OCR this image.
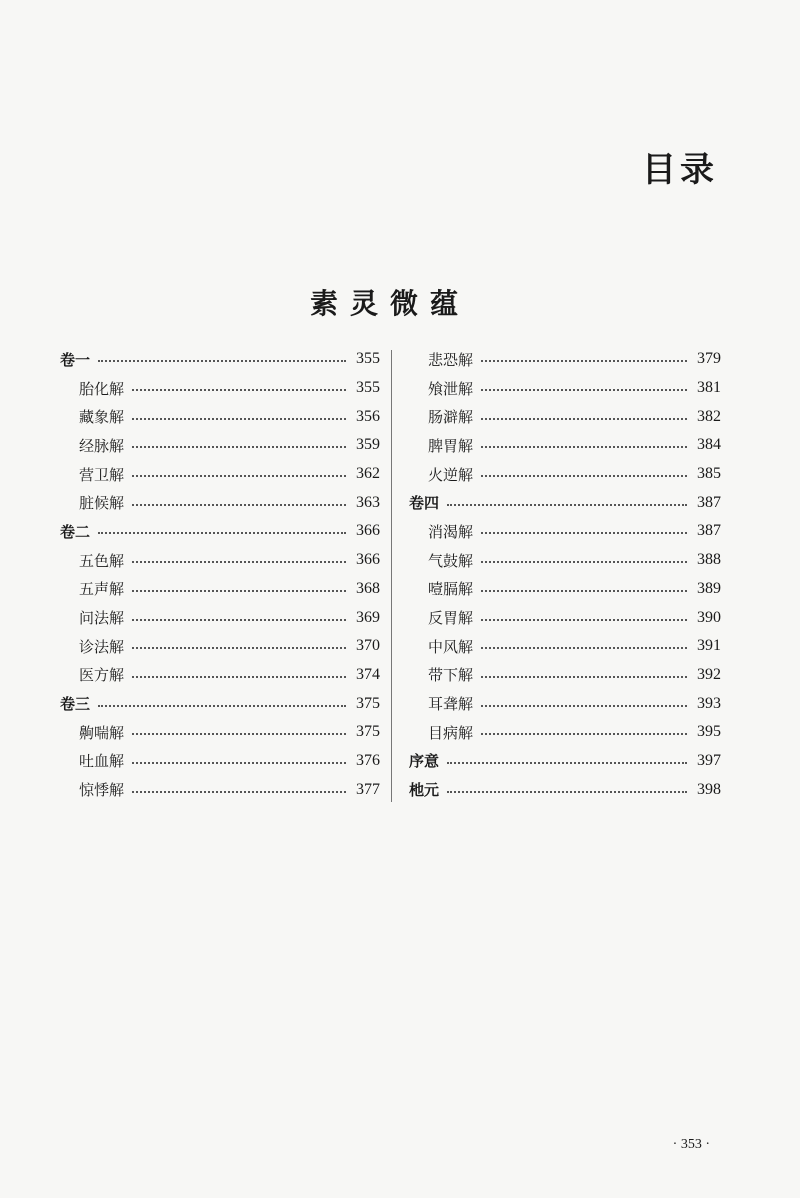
目录
素灵微蕴
卷一	355
胎化解	355
藏象解	356
经脉解	359
营卫解	362
脏候解	363
卷二	366
五色解	366
五声解	368
问法解	369
诊法解	370
医方解	374
卷三	375
齁喘解	375
吐血解	376
惊悸解	377
悲恐解	379
飧泄解	381
肠澼解	382
脾胃解	384
火逆解	385
卷四	387
消渴解	387
气鼓解	388
噎膈解	389
反胃解	390
中风解	391
带下解	392
耳聋解	393
目病解	395
序意	397
杝元	398
· 353 ·
